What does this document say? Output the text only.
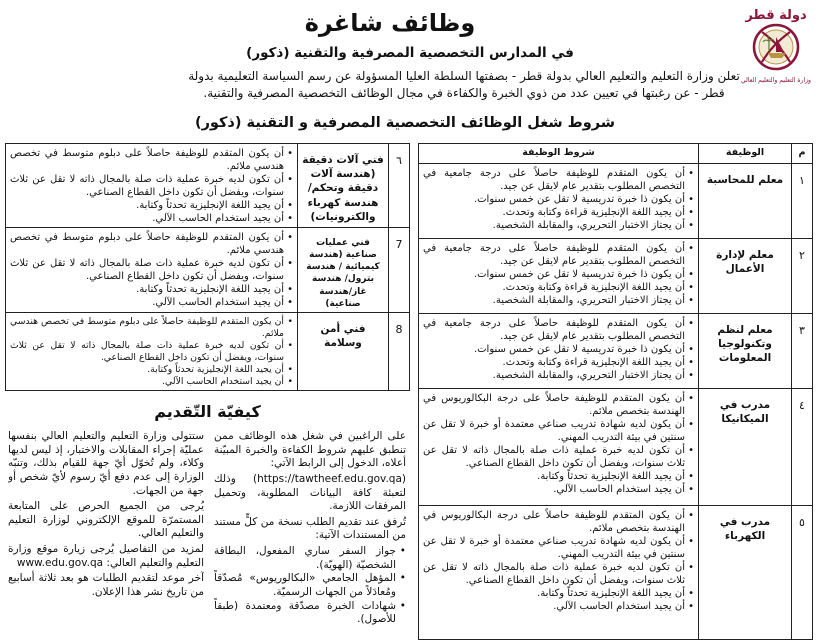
دولة قطر
وزارة التعليم والتعليم العالي
وظائف شاغرة
في المدارس التخصصية المصرفية والتقنية (ذكور)
تعلن وزارة التعليم والتعليم العالي بدولة قطر - بصفتها السلطة العليا المسؤولة عن رسم السياسة التعليمية بدولة قطر - عن رغبتها في تعيين عدد من ذوي الخبرة والكفاءة في مجال الوظائف التخصصية المصرفية والتقنية.
شروط شغل الوظائف التخصصية المصرفية و التقنية (ذكور)
م
الوظيفة
شروط الوظيفة
١
معلم للمحاسبة
• أن يكون المتقدم للوظيفة حاصلاً على درجة جامعية في التخصص المطلوب بتقدير عام لايقل عن جيد.
• أن يكون ذا خبرة تدريسية لا تقل عن خمس سنوات.
• أن يجيد اللغة الإنجليزية قراءة وكتابة وتحدث.
• أن يجتاز الاختبار التحريري، والمقابلة الشخصية.
٢
معلم لإدارة الأعمال
• أن يكون المتقدم للوظيفة حاصلاً على درجة جامعية في التخصص المطلوب بتقدير عام لايقل عن جيد.
• أن يكون ذا خبرة تدريسية لا تقل عن خمس سنوات.
• أن يجيد اللغة الإنجليزية قراءة وكتابة وتحدث.
• أن يجتاز الاختبار التحريري، والمقابلة الشخصية.
٣
معلم لنظم وتكنولوجيا المعلومات
• أن يكون المتقدم للوظيفة حاصلاً على درجة جامعية في التخصص المطلوب بتقدير عام لايقل عن جيد.
• أن يكون ذا خبرة تدريسية لا تقل عن خمس سنوات.
• أن يجيد اللغة الإنجليزية قراءة وكتابة وتحدث.
• أن يجتاز الاختبار التحريري، والمقابلة الشخصية.
٤
مدرب في الميكانيكا
• أن يكون المتقدم للوظيفة حاصلاً على درجة البكالوريوس في الهندسة بتخصص ملائم.
• أن يكون لديه شهادة تدريب صناعي معتمدة أو خبرة لا تقل عن سنتين في بيئة التدريب المهني.
• أن تكون لديه خبرة عملية ذات صلة بالمجال ذاته لا تقل عن ثلاث سنوات، ويفضل أن تكون داخل القطاع الصناعي.
• أن يجيد اللغة الإنجليزية تحدثاً وكتابة.
• أن يجيد استخدام الحاسب الآلي.
٥
مدرب في الكهرباء
• أن يكون المتقدم للوظيفة حاصلاً على درجة البكالوريوس في الهندسة بتخصص ملائم.
• أن يكون لديه شهادة تدريب صناعي معتمدة أو خبرة لا تقل عن سنتين في بيئة التدريب المهني.
• أن تكون لديه خبرة عملية ذات صلة بالمجال ذاته لا تقل عن ثلاث سنوات، ويفضل أن تكون داخل القطاع الصناعي.
• أن يجيد اللغة الإنجليزية تحدثاً وكتابة.
• أن يجيد استخدام الحاسب الآلي.
٦
فني آلات دقيقة (هندسة آلات دقيقة وتحكم/ هندسة كهرباء والكترونيات)
• أن يكون المتقدم للوظيفة حاصلاً على دبلوم متوسط في تخصص هندسي ملائم.
• أن تكون لديه خبرة عملية ذات صلة بالمجال ذاته لا تقل عن ثلاث سنوات، ويفضل أن تكون داخل القطاع الصناعي.
• أن يجيد اللغة الإنجليزية تحدثاً وكتابة.
• أن يجيد استخدام الحاسب الآلي.
7
فني عمليات صناعية (هندسة كيميائية / هندسة بترول/ هندسة غاز/هندسة صناعية)
• أن يكون المتقدم للوظيفة حاصلاً على دبلوم متوسط في تخصص هندسي ملائم.
• أن تكون لديه خبرة عملية ذات صلة بالمجال ذاته لا تقل عن ثلاث سنوات، ويفضل أن تكون داخل القطاع الصناعي.
• أن يجيد اللغة الإنجليزية تحدثاً وكتابة.
• أن يجيد استخدام الحاسب الآلي.
8
فني أمن وسلامة
• أن يكون المتقدم للوظيفة حاصلاً على دبلوم متوسط في تخصص هندسي ملائم.
• أن تكون لديه خبرة عملية ذات صلة بالمجال ذاته لا تقل عن ثلاث سنوات، ويفضل أن تكون داخل القطاع الصناعي.
• أن يجيد اللغة الإنجليزية تحدثاً وكتابة.
• أن يجيد استخدام الحاسب الآلي.
كيفيّة التّقديم

على الراغبين في شغل هذه الوظائف ممن تنطبق عليهم شروط الكفاءة والخبرة المبيّنة أعلاه، الدخول إلى الرابط الآتي:

(https://tawtheef.edu.gov.qa) وذلك لتعبئة كافة البيانات المطلوبة، وتحميل المرفقات اللازمة.

تُرفق عند تقديم الطلب نسخة من كلٍّ مستند من المستندات الآتية:

• جواز السفر ساري المفعول، البطاقة الشخصيّة (الهويّة).
• المؤهل الجامعي «البكالوريوس» مُصدّقاً ومُعادَلاً من الجهات الرسميّة.
• شهادات الخبرة مصدّقة ومعتمدة (طبقاً للأصول).

ستتولّى وزارة التعليم والتعليم العالي بنفسها عمليّة إجراء المقابلات والاختبار، إذ ليس لديها وكلاء، ولم تُخوّل أيّ جهة للقيام بذلك، وتنبّه الوزارة إلى عدم دفع أيّ رسوم لأيّ شخص أو جهة من الجهات.

يُرجى من الجميع الحرص على المتابعة المستمرّة للموقع الإلكتروني لوزارة التعليم والتعليم العالي.

لمزيد من التفاصيل يُرجى زيارة موقع وزارة التعليم والتعليم العالي: www.edu.gov.qa

آخر موعد لتقديم الطلبات هو بعد ثلاثة أسابيع من تاريخ نشر هذا الإعلان.
